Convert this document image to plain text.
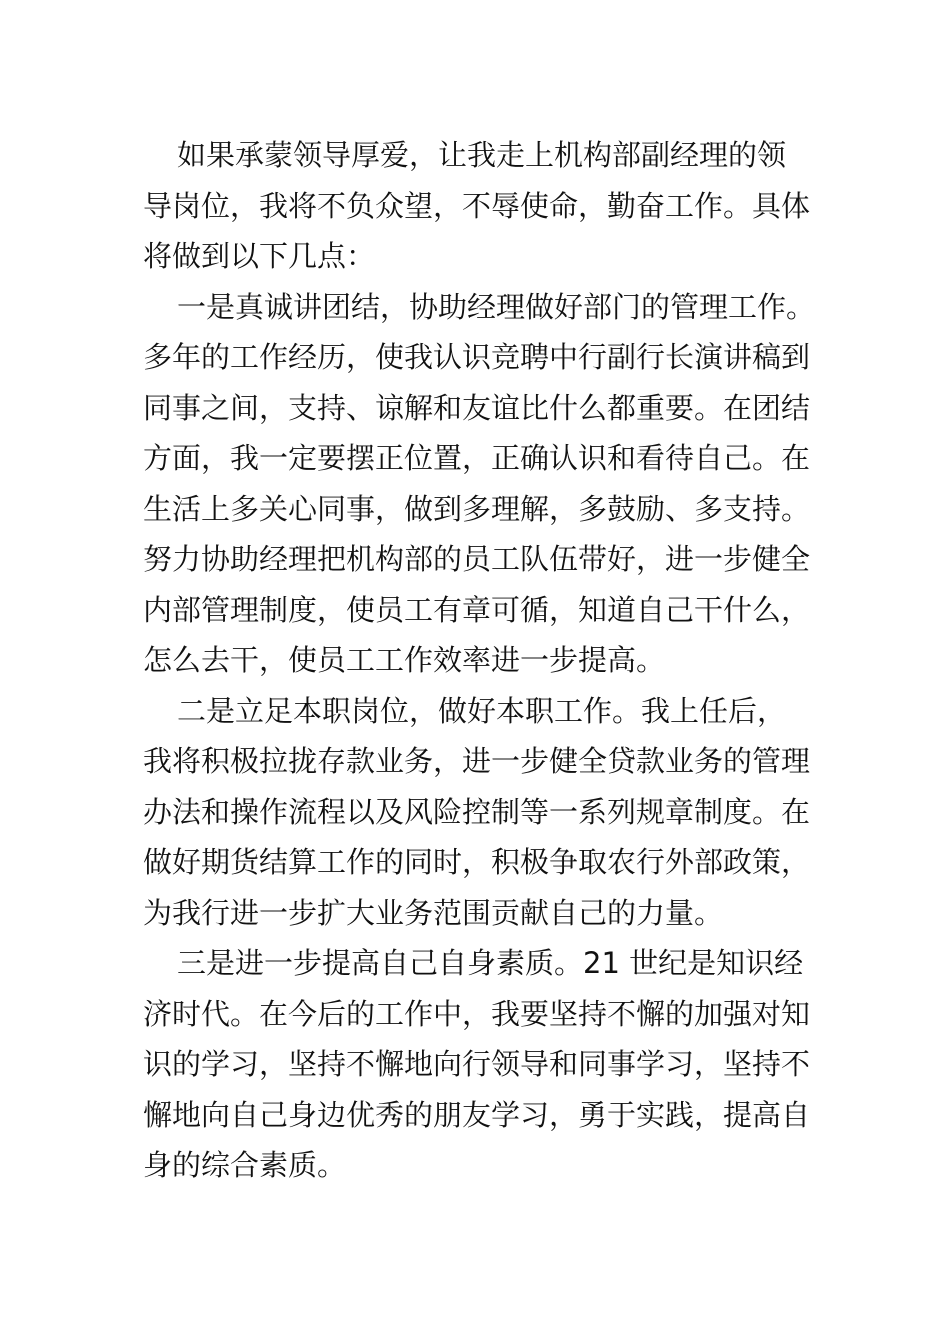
如果承蒙领导厚爱，让我走上机构部副经理的领
导岗位，我将不负众望，不辱使命，勤奋工作。具体
将做到以下几点：
一是真诚讲团结，协助经理做好部门的管理工作。
多年的工作经历，使我认识竞聘中行副行长演讲稿到
同事之间，支持、谅解和友谊比什么都重要。在团结
方面，我一定要摆正位置，正确认识和看待自己。在
生活上多关心同事，做到多理解，多鼓励、多支持。
努力协助经理把机构部的员工队伍带好，进一步健全
内部管理制度，使员工有章可循，知道自己干什么，
怎么去干，使员工工作效率进一步提高。
二是立足本职岗位，做好本职工作。我上任后，
我将积极拉拢存款业务，进一步健全贷款业务的管理
办法和操作流程以及风险控制等一系列规章制度。在
做好期货结算工作的同时，积极争取农行外部政策，
为我行进一步扩大业务范围贡献自己的力量。
三是进一步提高自己自身素质。21 世纪是知识经
济时代。在今后的工作中，我要坚持不懈的加强对知
识的学习，坚持不懈地向行领导和同事学习，坚持不
懈地向自己身边优秀的朋友学习，勇于实践，提高自
身的综合素质。
